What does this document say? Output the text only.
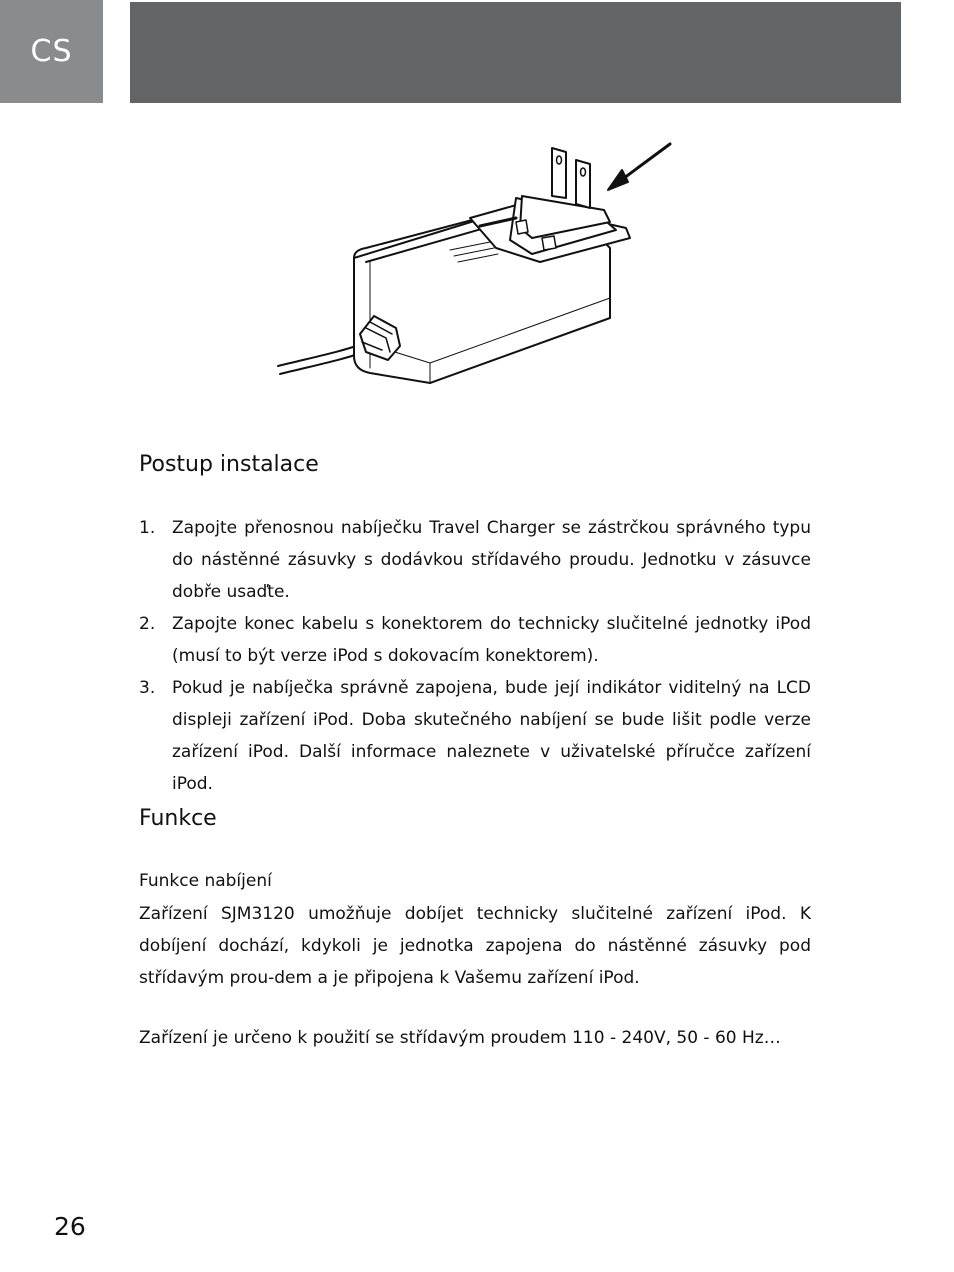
CS
Postup instalace
1. Zapojte přenosnou nabíječku Travel Charger se zástrčkou správného typu do nástěnné zásuvky s dodávkou střídavého proudu. Jednotku v zásuvce dobře usaďte.
2. Zapojte konec kabelu s konektorem do technicky slučitelné jednotky iPod (musí to být verze iPod s dokovacím konektorem).
3. Pokud je nabíječka správně zapojena, bude její indikátor viditelný na LCD displeji zařízení iPod. Doba skutečného nabíjení se bude lišit podle verze zařízení iPod. Další informace naleznete v uživatelské příručce zařízení iPod.
Funkce

Funkce nabíjení

Zařízení SJM3120 umožňuje dobíjet technicky slučitelné zařízení iPod. K dobíjení dochází, kdykoli je jednotka zapojena do nástěnné zásuvky pod střídavým prou-dem a je připojena k Vašemu zařízení iPod.

Zařízení je určeno k použití se střídavým proudem 110 - 240V, 50 - 60 Hz…

26
